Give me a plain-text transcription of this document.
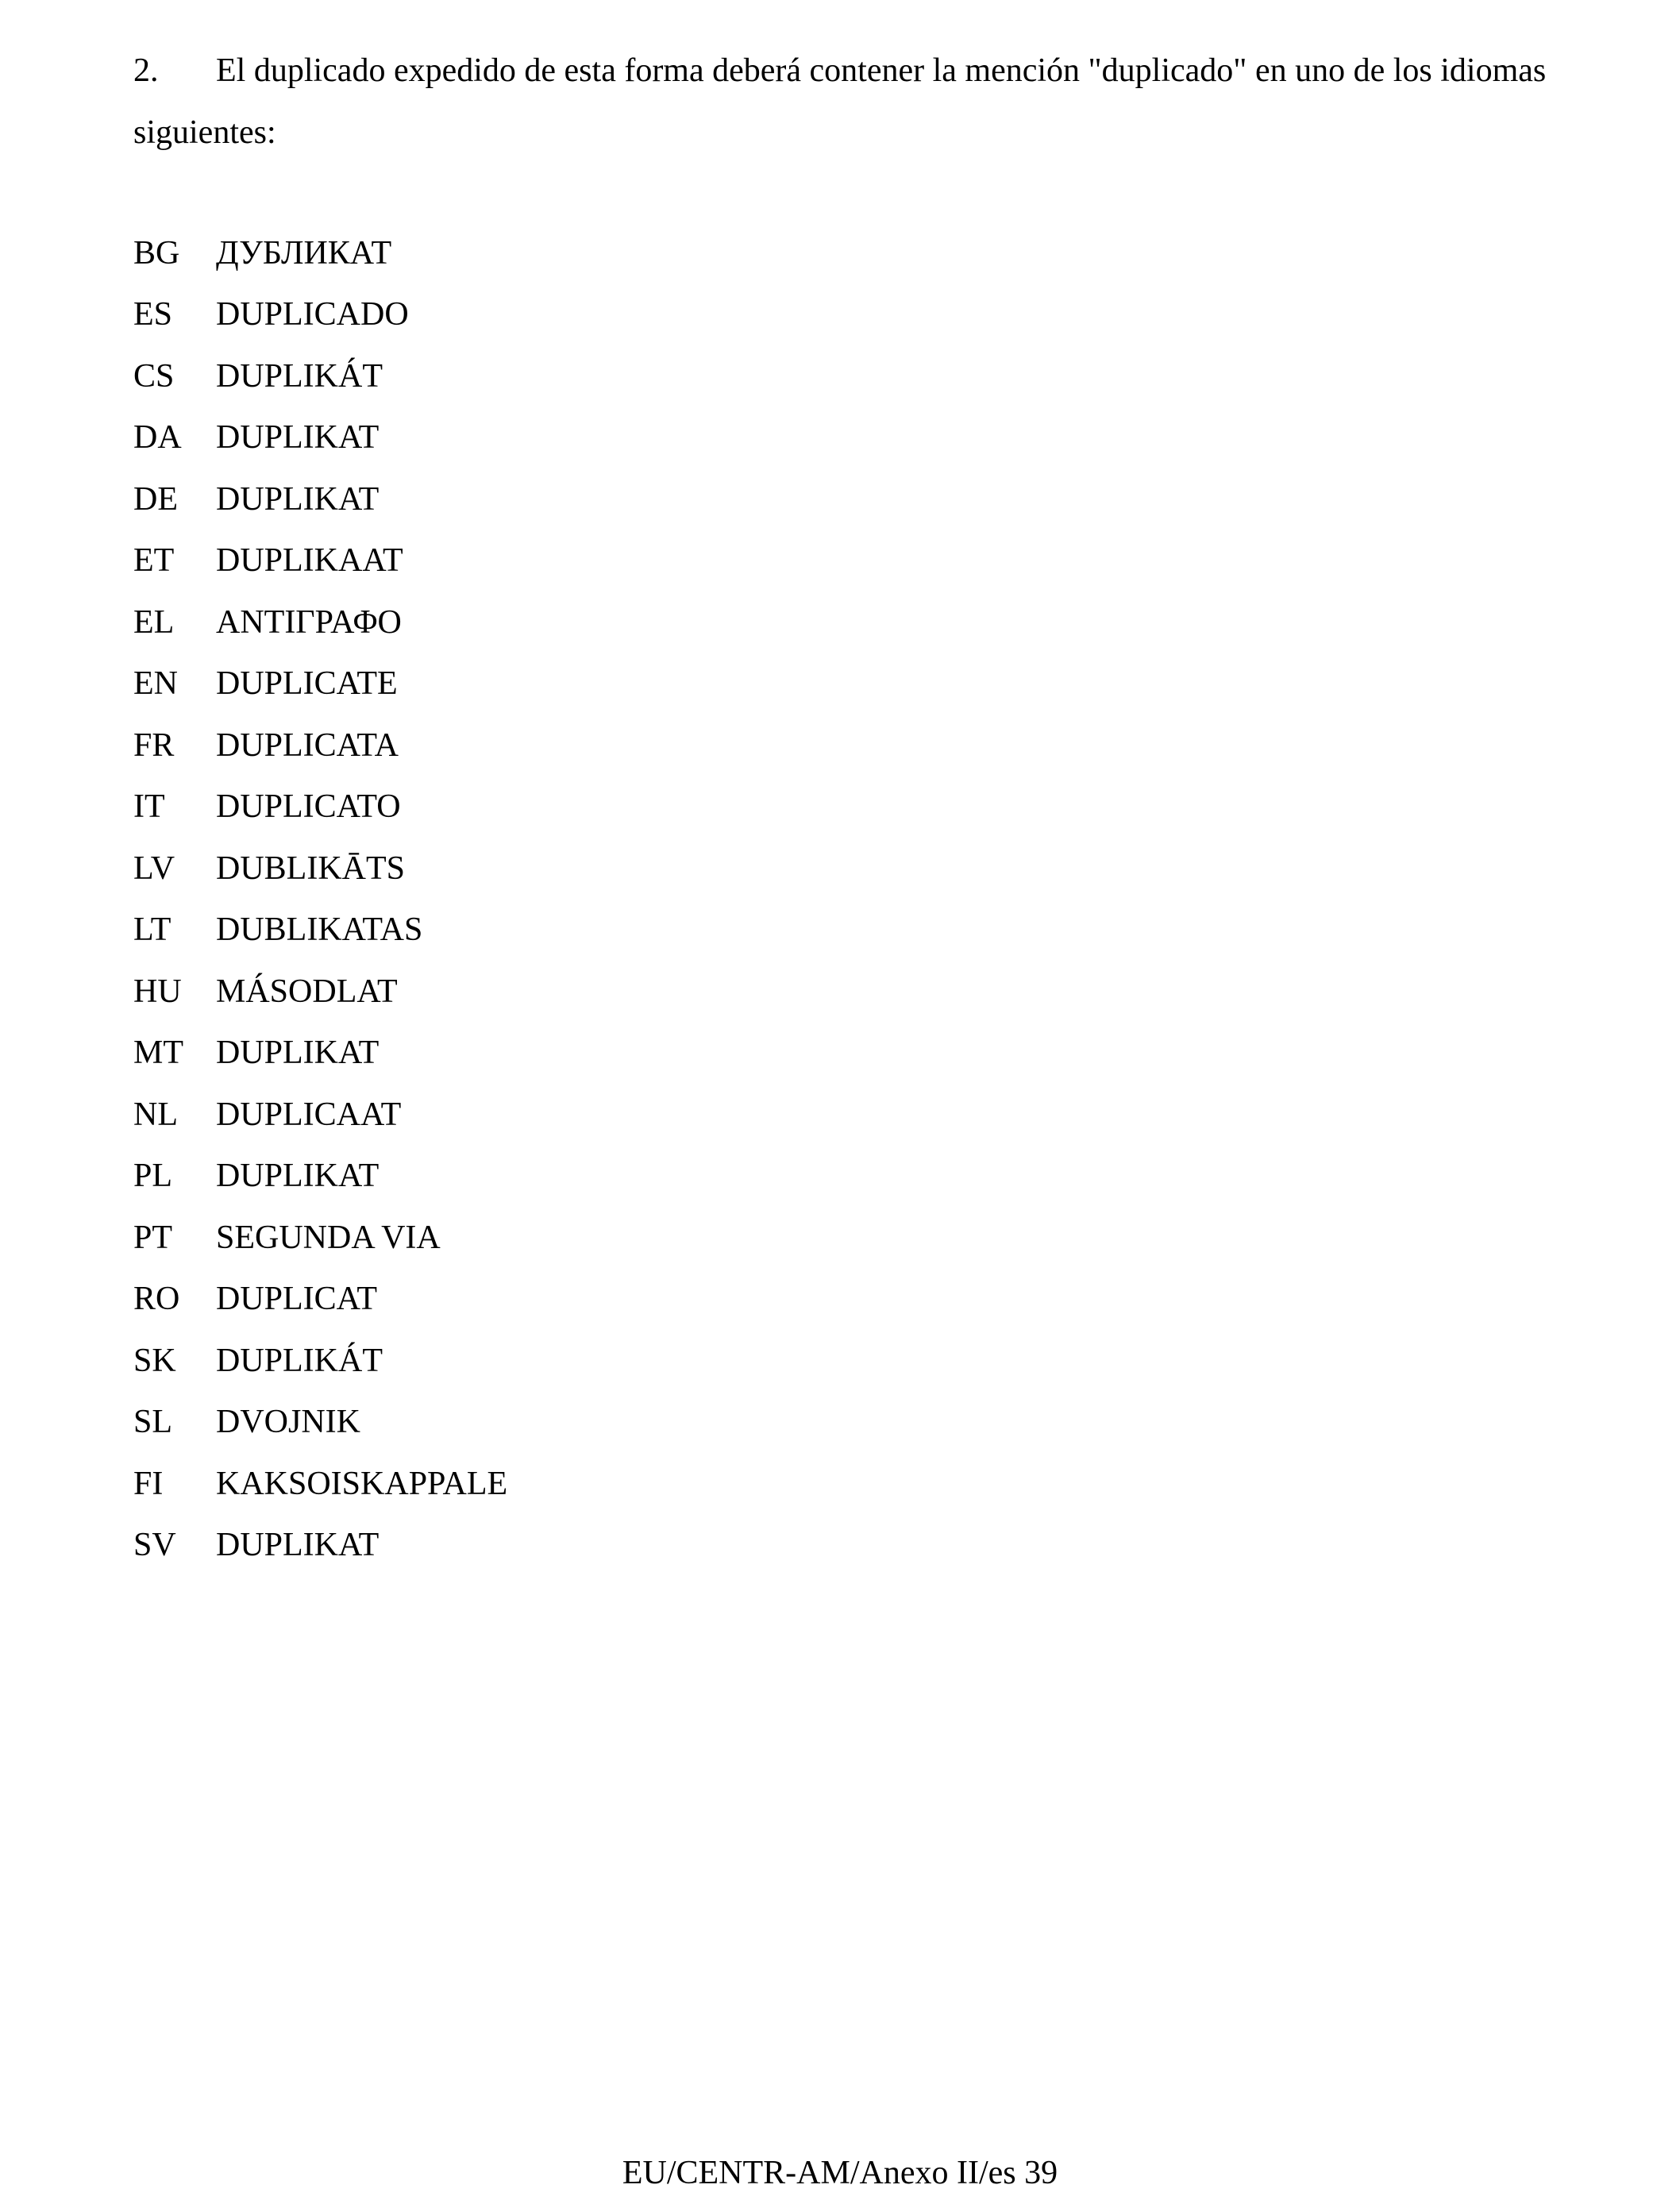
2. El duplicado expedido de esta forma deberá contener la mención "duplicado" en uno de los idiomas siguientes:

BG	ДУБЛИКАТ
ES	DUPLICADO
CS	DUPLIKÁT
DA	DUPLIKAT
DE	DUPLIKAT
ET	DUPLIKAAT
EL	ΑΝΤΙΓΡΑΦΟ
EN	DUPLICATE
FR	DUPLICATA
IT	DUPLICATO
LV	DUBLIKĀTS
LT	DUBLIKATAS
HU	MÁSODLAT
MT DUPLIKAT
NL	DUPLICAAT
PL	DUPLIKAT
PT	SEGUNDA VIA
RO	DUPLICAT
SK	DUPLIKÁT
SL	DVOJNIK
FI	KAKSOISKAPPALE
SV	DUPLIKAT
EU/CENTR-AM/Anexo II/es 39
